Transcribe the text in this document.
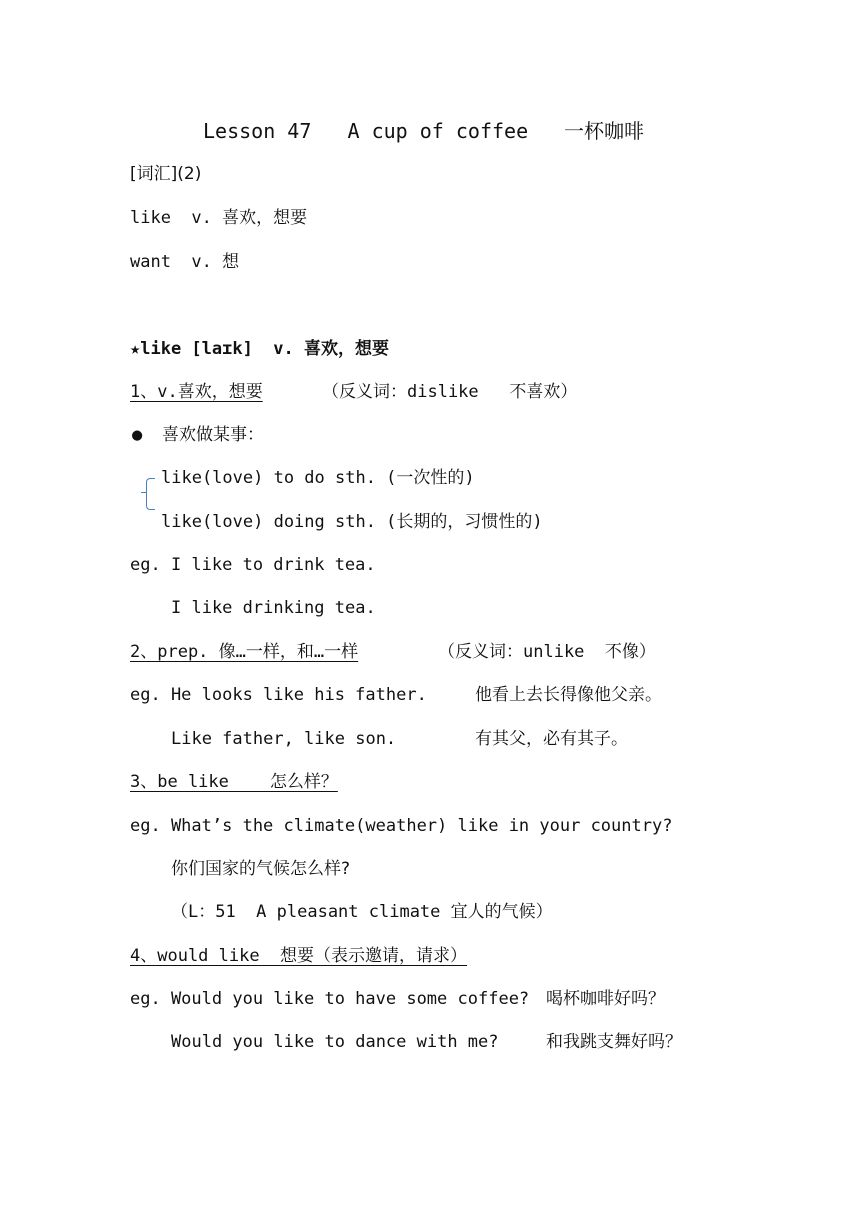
Lesson 47   A cup of coffee 一杯咖啡
[词汇](2)
like  v. 喜欢，想要
want  v. 想
★like [laɪk]  v. 喜欢，想要
1、v.喜欢，想要	（反义词：dislike   不喜欢）
● 喜欢做某事：
like(love) to do sth. (一次性的)
like(love) doing sth. (长期的，习惯性的)
eg. I like to drink tea.
I like drinking tea.
2、prep. 像…一样，和…一样	（反义词：unlike  不像）
eg. He looks like his father.	他看上去长得像他父亲。
Like father, like son.	有其父，必有其子。
3、be like    怎么样？
eg. What’s the climate(weather) like in your country?
你们国家的气候怎么样?
（L：51  A pleasant climate 宜人的气候）
4、would like  想要（表示邀请，请求）
eg. Would you like to have some coffee? 喝杯咖啡好吗？
Would you like to dance with me?	和我跳支舞好吗？
